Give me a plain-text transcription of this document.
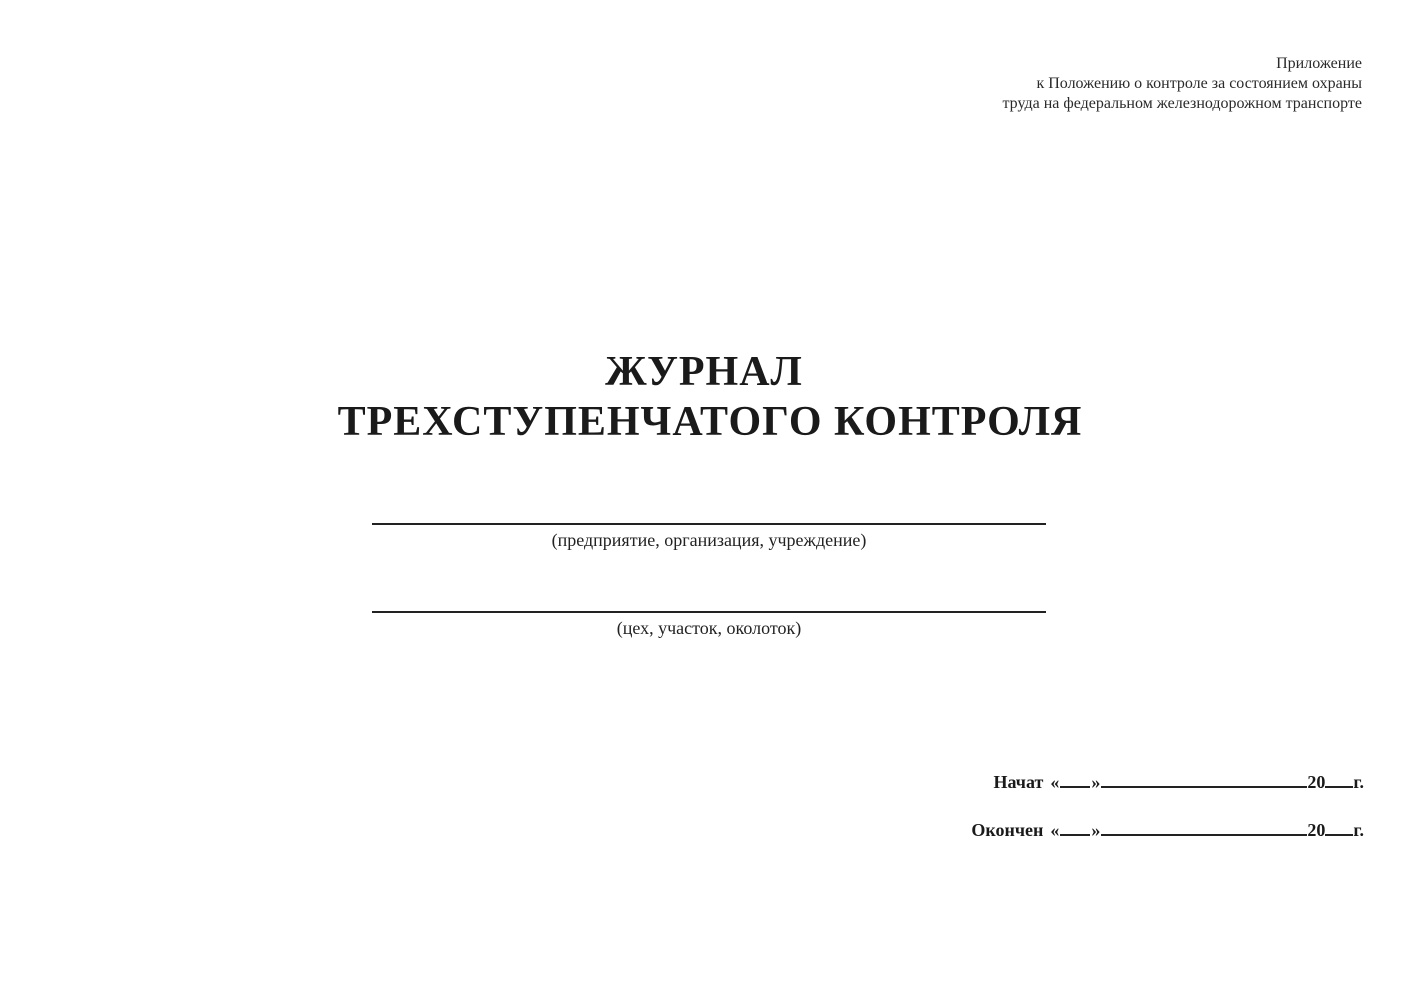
Приложение
к Положению о контроле за состоянием охраны
труда на федеральном железнодорожном транспорте
ЖУРНАЛ
ТРЕХСТУПЕНЧАТОГО КОНТРОЛЯ
(предприятие, организация, учреждение)
(цех, участок, околоток)
Начат « »	20 г.
Окончен « »	20 г.
